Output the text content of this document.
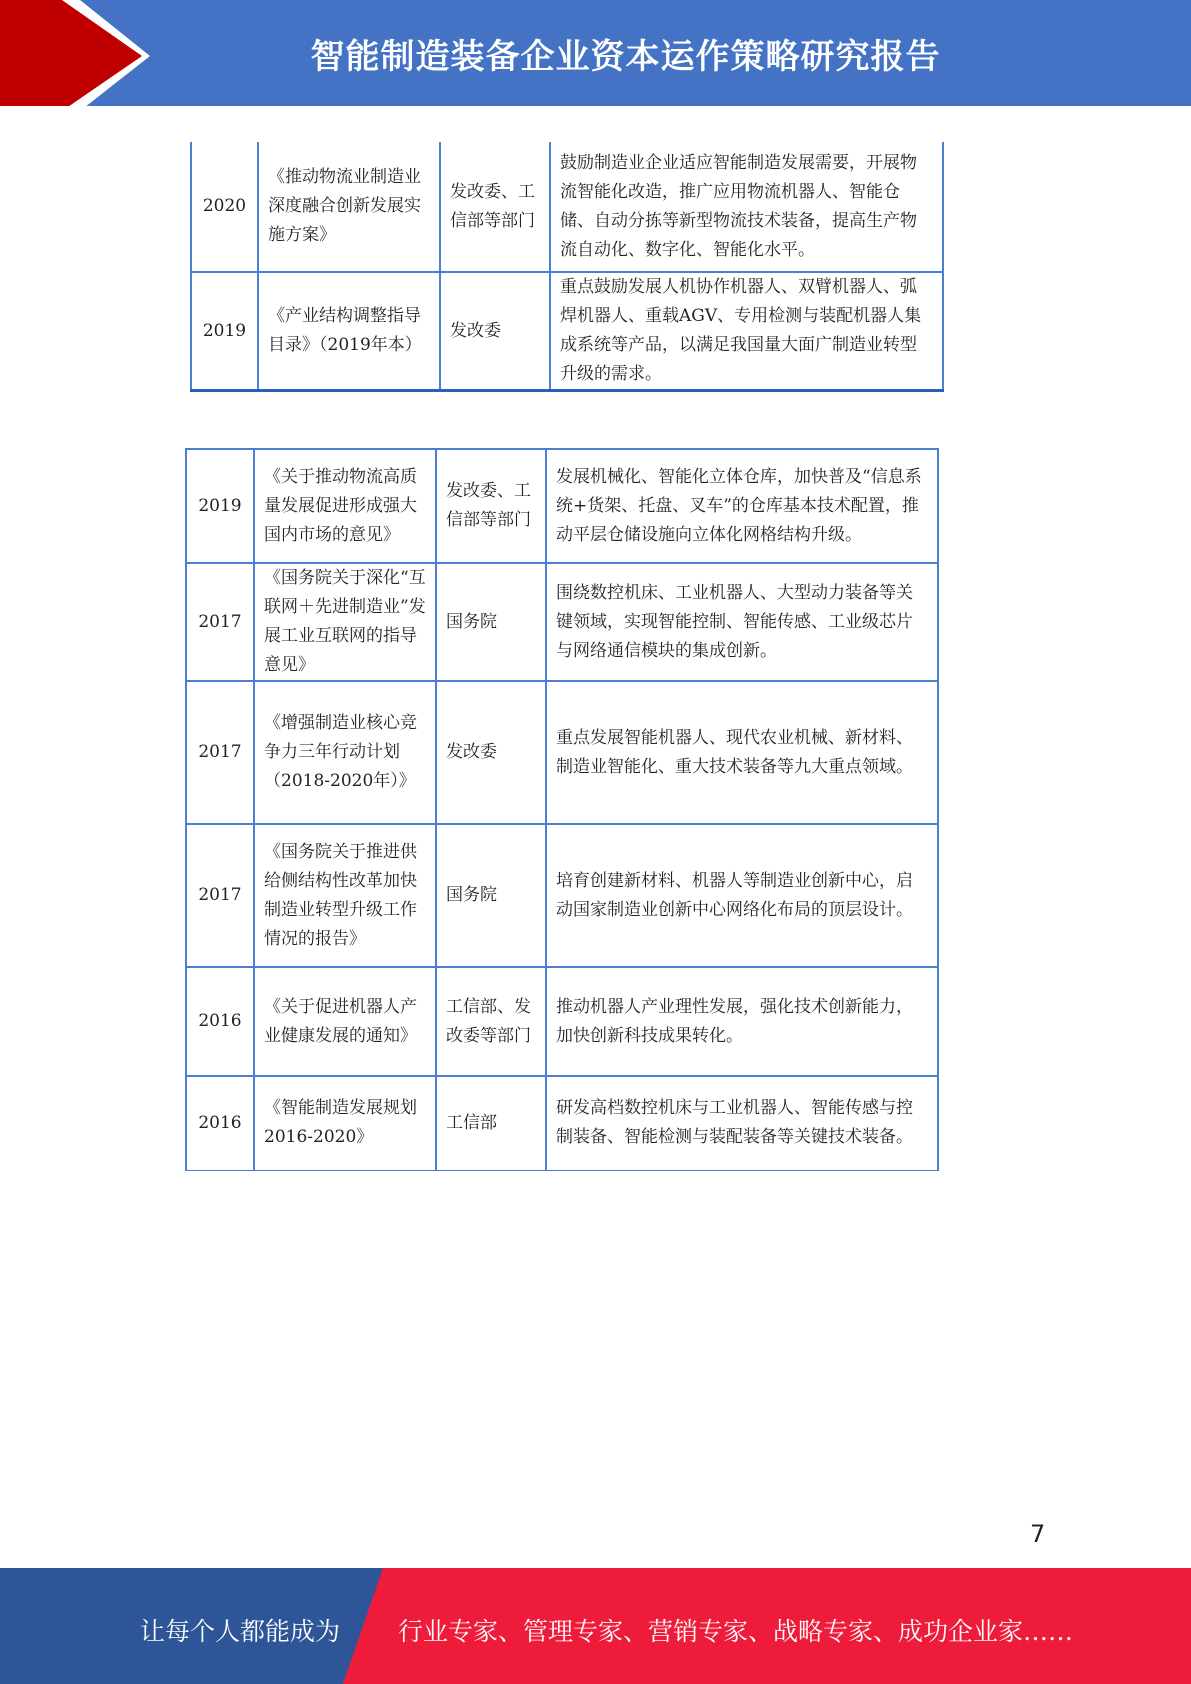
智能制造装备企业资本运作策略研究报告
2020	《推动物流业制造业深度融合创新发展实施方案》	发改委、工信部等部门	鼓励制造业企业适应智能制造发展需要，开展物流智能化改造，推广应用物流机器人、智能仓储、自动分拣等新型物流技术装备，提高生产物流自动化、数字化、智能化水平。
2019	《产业结构调整指导目录》（2019年本）	发改委	重点鼓励发展人机协作机器人、双臂机器人、弧焊机器人、重载AGV、专用检测与装配机器人集成系统等产品，以满足我国量大面广制造业转型升级的需求。
2019	《关于推动物流高质量发展促进形成强大国内市场的意见》	发改委、工信部等部门	发展机械化、智能化立体仓库，加快普及“信息系统+货架、托盘、叉车”的仓库基本技术配置，推动平层仓储设施向立体化网格结构升级。
2017	《国务院关于深化“互联网＋先进制造业”发展工业互联网的指导意见》	国务院	围绕数控机床、工业机器人、大型动力装备等关键领域，实现智能控制、智能传感、工业级芯片与网络通信模块的集成创新。
2017	《增强制造业核心竞争力三年行动计划（2018-2020年）》	发改委	重点发展智能机器人、现代农业机械、新材料、制造业智能化、重大技术装备等九大重点领域。
2017	《国务院关于推进供给侧结构性改革加快制造业转型升级工作情况的报告》	国务院	培育创建新材料、机器人等制造业创新中心，启动国家制造业创新中心网络化布局的顶层设计。
2016	《关于促进机器人产业健康发展的通知》	工信部、发改委等部门	推动机器人产业理性发展，强化技术创新能力，加快创新科技成果转化。
2016	《智能制造发展规划2016-2020》	工信部	研发高档数控机床与工业机器人、智能传感与控制装备、智能检测与装配装备等关键技术装备。
7
让每个人都能成为 行业专家、管理专家、营销专家、战略专家、成功企业家……
